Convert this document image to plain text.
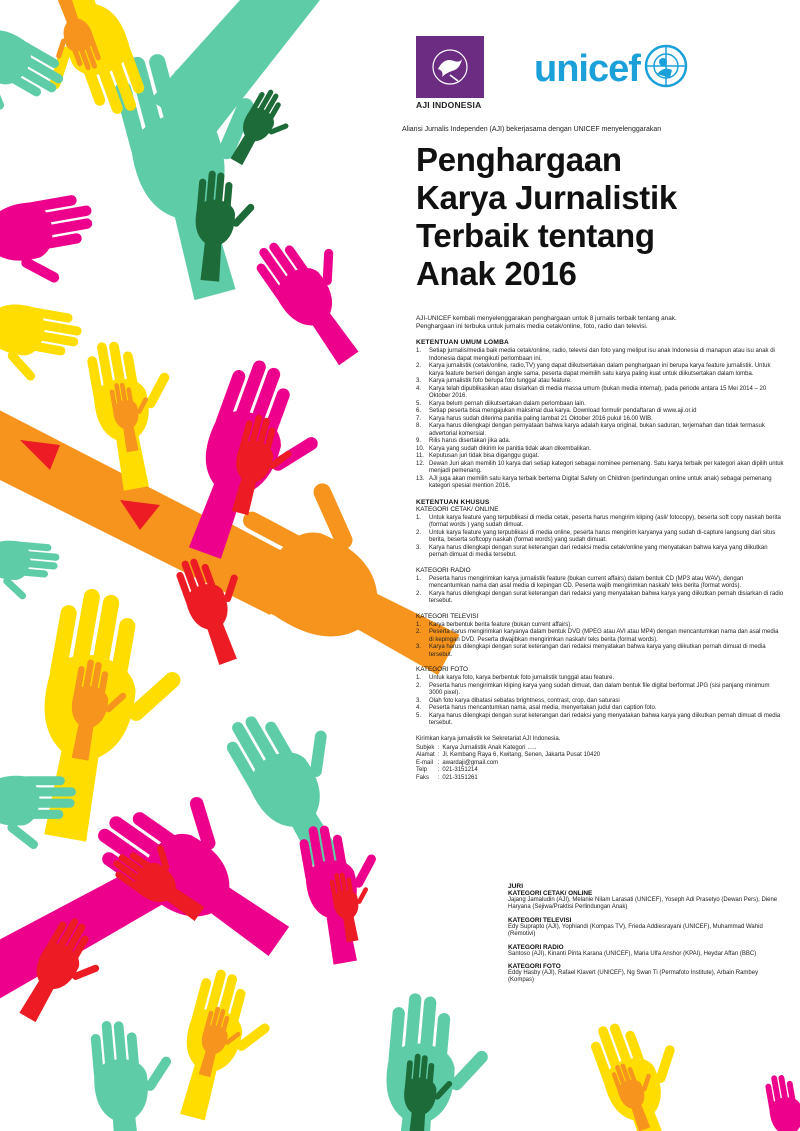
AJI INDONESIA
unicef
Aliansi Jurnalis Independen (AJI) bekerjasama dengan UNICEF menyelenggarakan
Penghargaan
Karya Jurnalistik
Terbaik tentang
Anak 2016
AJI-UNICEF kembali menyelenggarakan penghargaan untuk 8 jurnalis terbaik tentang anak.
Penghargaan ini terbuka untuk jurnalis media cetak/online, foto, radio dan televisi.
KETENTUAN UMUM LOMBA
Setiap jurnalis/media baik media cetak/online, radio, televisi dan foto yang meliput isu anak Indonesia di manapun atau isu anak di Indonesia dapat mengikuti perlombaan ini.
Karya jurnalistik (cetak/online, radio,TV) yang dapat diikutsertakan dalam penghargaan ini berupa karya feature jurnalistik. Untuk karya feature berseri dengan angle sama, peserta dapat memilih satu karya paling kuat untuk diikutsertakan dalam lomba.
Karya jurnalistik foto berupa foto tunggal atau feature.
Karya telah dipublikasikan atau disiarkan di media massa umum (bukan media internal), pada periode antara 15 Mei 2014 – 20 Oktober 2016.
Karya belum pernah diikutsertakan dalam perlombaan lain.
Setiap peserta bisa mengajukan maksimal dua karya. Download formulir pendaftaran di www.aji.or.id
Karya harus sudah diterima panitia paling lambat 21 Oktober 2016 pukul 16.00 WIB.
Karya harus dilengkapi dengan pernyataan bahwa karya adalah karya original, bukan saduran, terjemahan dan tidak termasuk advertorial komersial.
Rilis harus disertakan jika ada.
Karya yang sudah dikirim ke panitia tidak akan dikembalikan.
Keputusan juri tidak bisa diganggu gugat.
Dewan Juri akan memilih 10 karya dari setiap kategori sebagai nominee pemenang. Satu karya terbaik per kategori akan dipilih untuk menjadi pemenang.
AJI juga akan memilih satu karya terbaik bertema Digital Safety on Children (perlindungan online untuk anak) sebagai pemenang kategori spesial mention 2016.
KETENTUAN KHUSUS
KATEGORI CETAK/ ONLINE
Untuk karya feature yang terpublikasi di media cetak, peserta harus mengirim kliping (asli/ fotocopy), beserta soft copy naskah berita (format words ) yang sudah dimuat.
Untuk karya feature yang terpublikasi di media online, peserta harus mengirim karyanya yang sudah di-capture langsung dari situs berita, beserta softcopy naskah (format words) yang sudah dimuat.
Karya harus dilengkapi dengan surat keterangan dari redaksi media cetak/online yang menyatakan bahwa karya yang diikutkan pernah dimuat di media tersebut.
KATEGORI RADIO
Peserta harus mengirimkan karya jurnalistik feature (bukan current affairs) dalam bentuk CD (MP3 atau WAV), dengan mencantumkan nama dan asal media di kepingan CD. Peserta wajib mengirimkan naskah/ teks berita (format words).
Karya harus dilengkapi dengan surat keterangan dari redaksi yang menyatakan bahwa karya yang diikutkan pernah disiarkan di radio tersebut.
KATEGORI TELEVISI
Karya berbentuk berita feature (bukan current affairs).
Peserta harus mengirimkan karyanya dalam bentuk DVD (MPEG atau AVI atau MP4) dengan mencantumkan nama dan asal media di kepingan DVD. Peserta diwajibkan mengirimkan naskah/ teks berita (format words).
Karya harus dilengkapi dengan surat keterangan dari redaksi menyatakan bahwa karya yang diikutkan pernah dimuat di media tersebut.
KATEGORI FOTO
Untuk karya foto, karya berbentuk foto jurnalistik tunggal atau feature.
Peserta harus mengirimkan kliping karya yang sudah dimuat, dan dalam bentuk file digital berformat JPG (sisi panjang minimum 3000 pixel).
Olah foto karya dibatasi sebatas brightness, contrast, crop, dan saturasi
Peserta harus mencantumkan nama, asal media, menyertakan judul dan caption foto.
Karya harus dilengkapi dengan surat keterangan dari redaksi yang menyatakan bahwa karya yang diikutkan pernah dimuat di media tersebut.
Kirimkan karya jurnalistik ke Sekretariat AJI Indonesia.
Subjek	:	Karya Jurnalistik Anak Kategori …..
Alamat	:	Jl. Kembang Raya 6, Kwitang, Senen, Jakarta Pusat 10420
E-mail	:	awardaji@gmail.com
Telp	:	021-3151214
Faks	:	021-3151261
JURI
KATEGORI CETAK/ ONLINE
Jajang Jamaludin (AJI), Melanie Nilam Larasati (UNICEF), Yoseph Adi Prasetyo (Dewan Pers), Diene Haryana (Sejiwa/Praktisi Perlindungan Anak)
KATEGORI TELEVISI
Edy Suprapto (AJI), Yophiandi (Kompas TV), Frieda Addiesrayani (UNICEF), Muhammad Wahid (Remotivi)
KATEGORI RADIO
Santoso (AJI), Kinanti Pinta Karana (UNICEF), Maria Ulfa Anshor (KPAI), Heydar Affan (BBC)
KATEGORI FOTO
Eddy Hasby (AJI), Rafael Klavert (UNICEF), Ng Swan Ti (Permafoto Institute), Arbain Rambey (Kompas)
